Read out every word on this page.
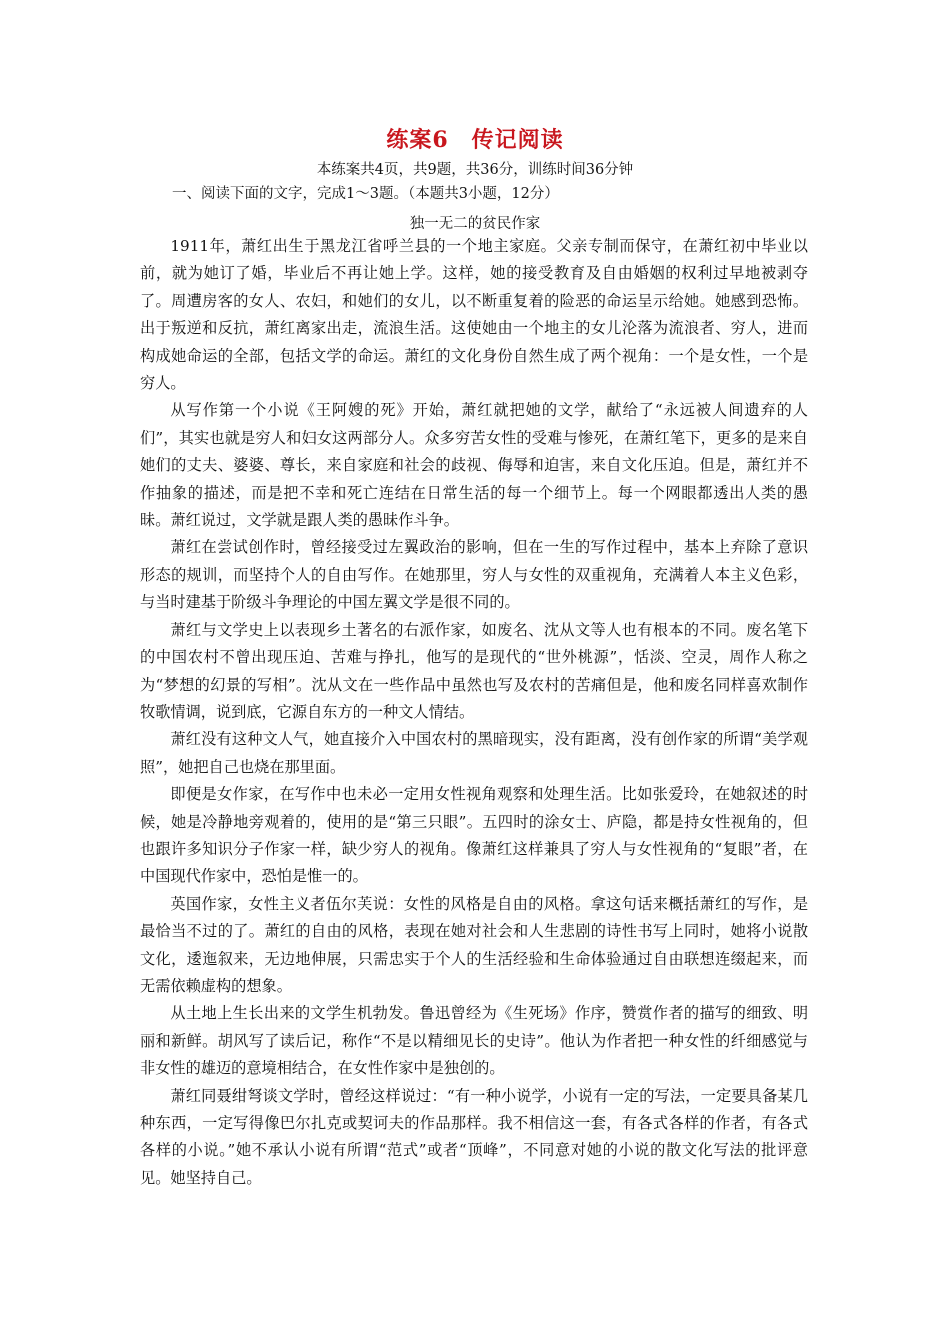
练案6　传记阅读
本练案共4页，共9题，共36分，训练时间36分钟
一、阅读下面的文字，完成1～3题。（本题共3小题，12分）
独一无二的贫民作家

1911年，萧红出生于黑龙江省呼兰县的一个地主家庭。父亲专制而保守，在萧红初中毕业以前，就为她订了婚，毕业后不再让她上学。这样，她的接受教育及自由婚姻的权利过早地被剥夺了。周遭房客的女人、农妇，和她们的女儿，以不断重复着的险恶的命运呈示给她。她感到恐怖。出于叛逆和反抗，萧红离家出走，流浪生活。这使她由一个地主的女儿沦落为流浪者、穷人，进而构成她命运的全部，包括文学的命运。萧红的文化身份自然生成了两个视角：一个是女性，一个是穷人。

从写作第一个小说《王阿嫂的死》开始，萧红就把她的文学，献给了“永远被人间遗弃的人们”，其实也就是穷人和妇女这两部分人。众多穷苦女性的受难与惨死，在萧红笔下，更多的是来自她们的丈夫、婆婆、尊长，来自家庭和社会的歧视、侮辱和迫害，来自文化压迫。但是，萧红并不作抽象的描述，而是把不幸和死亡连结在日常生活的每一个细节上。每一个网眼都透出人类的愚昧。萧红说过，文学就是跟人类的愚昧作斗争。

萧红在尝试创作时，曾经接受过左翼政治的影响，但在一生的写作过程中，基本上弃除了意识形态的规训，而坚持个人的自由写作。在她那里，穷人与女性的双重视角，充满着人本主义色彩，与当时建基于阶级斗争理论的中国左翼文学是很不同的。

萧红与文学史上以表现乡土著名的右派作家，如废名、沈从文等人也有根本的不同。废名笔下的中国农村不曾出现压迫、苦难与挣扎，他写的是现代的“世外桃源”，恬淡、空灵，周作人称之为“梦想的幻景的写相”。沈从文在一些作品中虽然也写及农村的苦痛但是，他和废名同样喜欢制作牧歌情调，说到底，它源自东方的一种文人情结。

萧红没有这种文人气，她直接介入中国农村的黑暗现实，没有距离，没有创作家的所谓“美学观照”，她把自己也烧在那里面。

即便是女作家，在写作中也未必一定用女性视角观察和处理生活。比如张爱玲，在她叙述的时候，她是冷静地旁观着的，使用的是“第三只眼”。五四时的涂女士、庐隐，都是持女性视角的，但也跟许多知识分子作家一样，缺少穷人的视角。像萧红这样兼具了穷人与女性视角的“复眼”者，在中国现代作家中，恐怕是惟一的。

英国作家，女性主义者伍尔芙说：女性的风格是自由的风格。拿这句话来概括萧红的写作，是最恰当不过的了。萧红的自由的风格，表现在她对社会和人生悲剧的诗性书写上同时，她将小说散文化，逶迤叙来，无边地伸展，只需忠实于个人的生活经验和生命体验通过自由联想连缀起来，而无需依赖虚构的想象。

从土地上生长出来的文学生机勃发。鲁迅曾经为《生死场》作序，赞赏作者的描写的细致、明丽和新鲜。胡风写了读后记，称作“不是以精细见长的史诗”。他认为作者把一种女性的纤细感觉与非女性的雄迈的意境相结合，在女性作家中是独创的。

萧红同聂绀弩谈文学时，曾经这样说过：“有一种小说学，小说有一定的写法，一定要具备某几种东西，一定写得像巴尔扎克或契诃夫的作品那样。我不相信这一套，有各式各样的作者，有各式各样的小说。”她不承认小说有所谓“范式”或者“顶峰”，不同意对她的小说的散文化写法的批评意见。她坚持自己。
